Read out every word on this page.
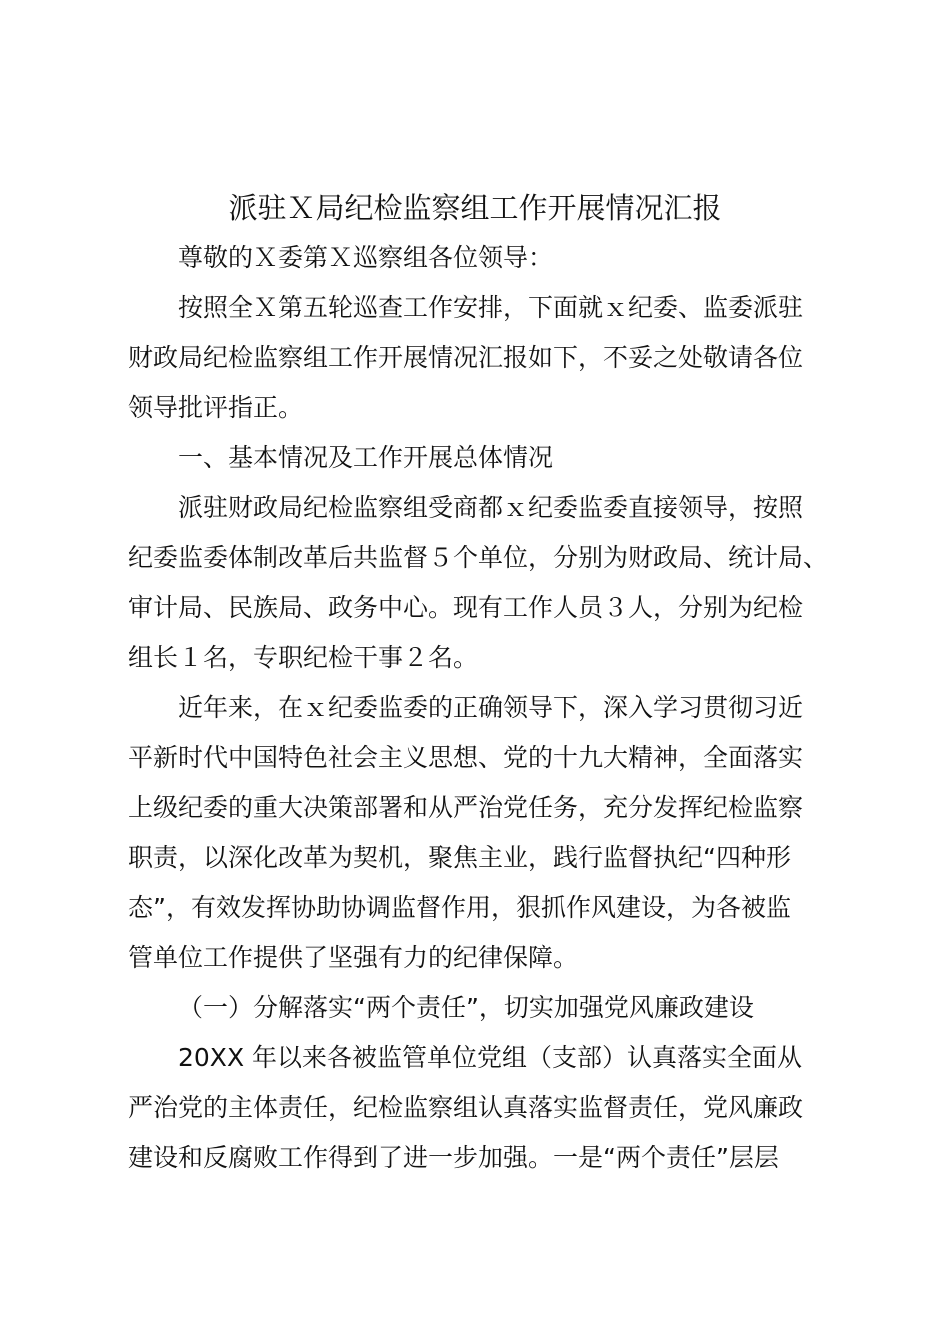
派驻Ｘ局纪检监察组工作开展情况汇报
尊敬的Ｘ委第Ｘ巡察组各位领导：
按照全Ｘ第五轮巡查工作安排，下面就ｘ纪委、监委派驻
财政局纪检监察组工作开展情况汇报如下，不妥之处敬请各位
领导批评指正。
一、基本情况及工作开展总体情况
派驻财政局纪检监察组受商都ｘ纪委监委直接领导，按照
纪委监委体制改革后共监督５个单位，分别为财政局、统计局、
审计局、民族局、政务中心。现有工作人员３人，分别为纪检
组长１名，专职纪检干事２名。
近年来，在ｘ纪委监委的正确领导下，深入学习贯彻习近
平新时代中国特色社会主义思想、党的十九大精神，全面落实
上级纪委的重大决策部署和从严治党任务，充分发挥纪检监察
职责，以深化改革为契机，聚焦主业，践行监督执纪“四种形
态”，有效发挥协助协调监督作用，狠抓作风建设，为各被监
管单位工作提供了坚强有力的纪律保障。
（一）分解落实“两个责任”，切实加强党风廉政建设
20XX 年以来各被监管单位党组（支部）认真落实全面从
严治党的主体责任，纪检监察组认真落实监督责任，党风廉政
建设和反腐败工作得到了进一步加强。一是“两个责任”层层
